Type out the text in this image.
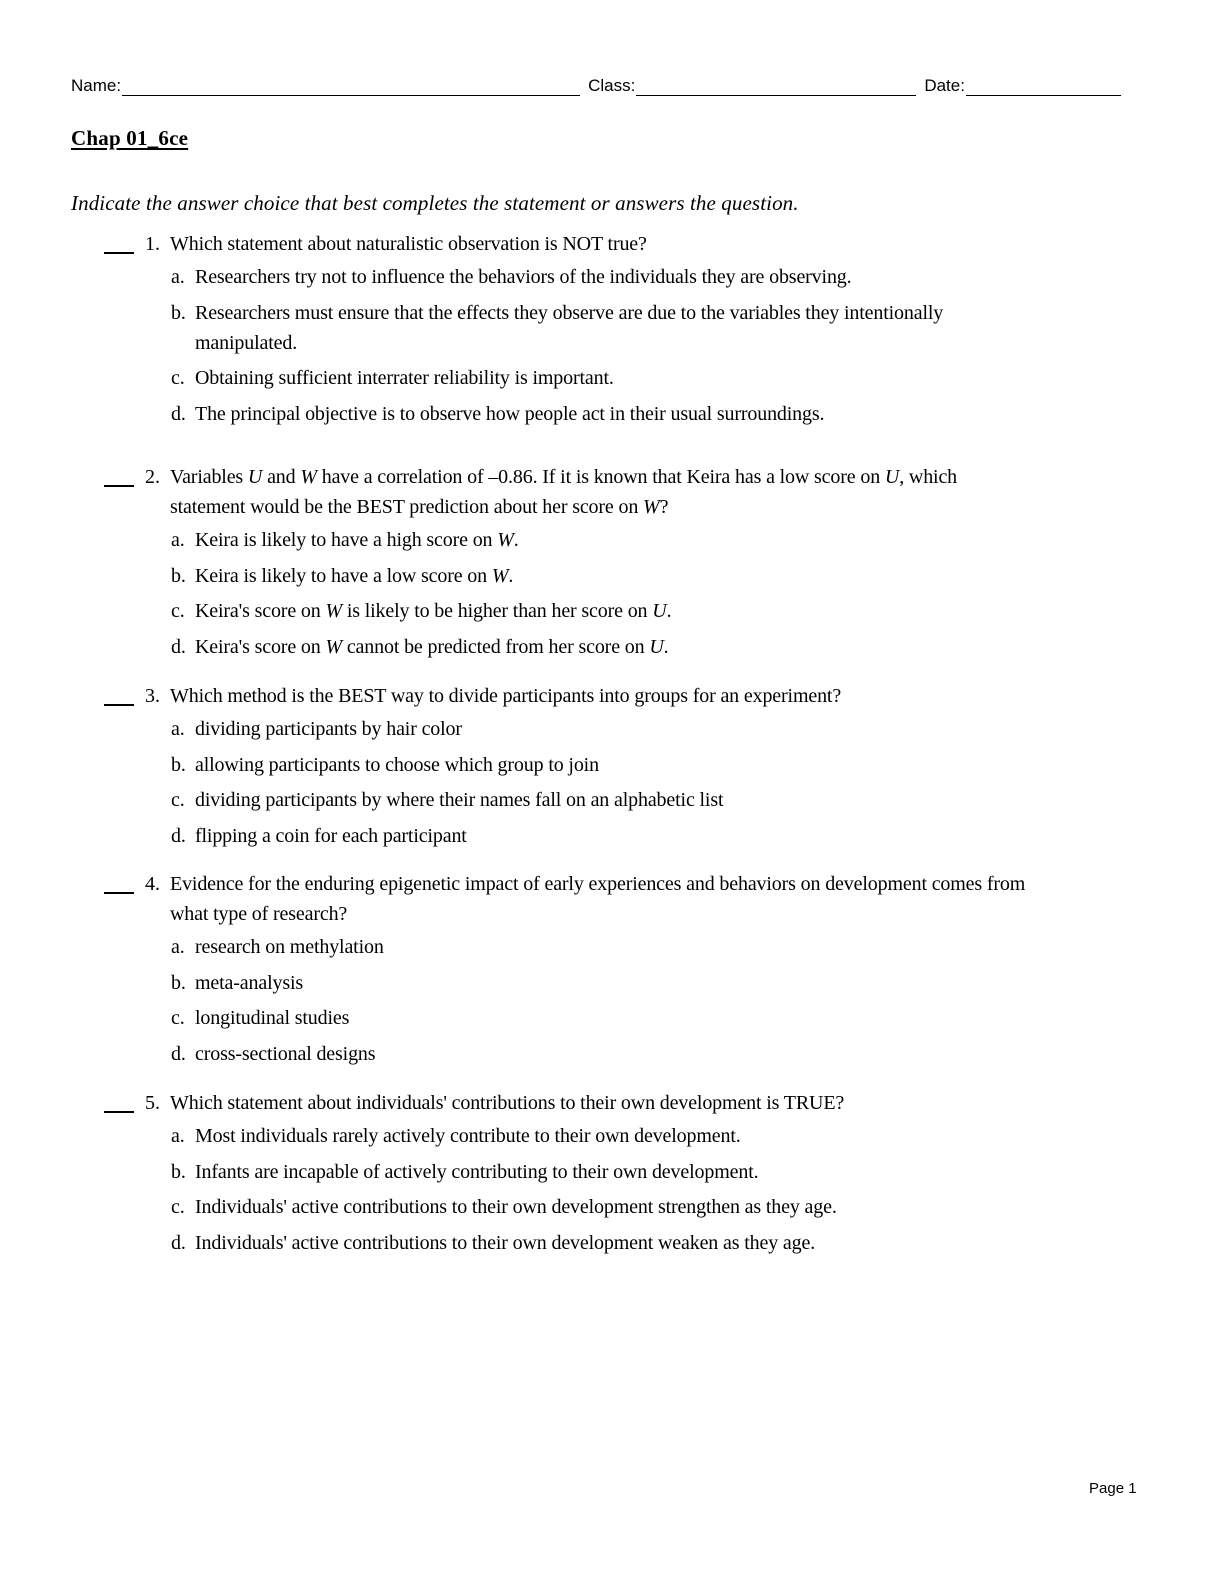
Name:	Class:	Date:
Chap 01_6ce
Indicate the answer choice that best completes the statement or answers the question.
1. Which statement about naturalistic observation is NOT true?
a. Researchers try not to influence the behaviors of the individuals they are observing.
b. Researchers must ensure that the effects they observe are due to the variables they intentionally
manipulated.
c. Obtaining sufficient interrater reliability is important.
d. The principal objective is to observe how people act in their usual surroundings.
2. Variables U and W have a correlation of –0.86. If it is known that Keira has a low score on U, which
statement would be the BEST prediction about her score on W?
a. Keira is likely to have a high score on W.
b. Keira is likely to have a low score on W.
c. Keira's score on W is likely to be higher than her score on U.
d. Keira's score on W cannot be predicted from her score on U.
3. Which method is the BEST way to divide participants into groups for an experiment?
a. dividing participants by hair color
b. allowing participants to choose which group to join
c. dividing participants by where their names fall on an alphabetic list
d. flipping a coin for each participant
4. Evidence for the enduring epigenetic impact of early experiences and behaviors on development comes from
what type of research?
a. research on methylation
b. meta-analysis
c. longitudinal studies
d. cross-sectional designs
5. Which statement about individuals' contributions to their own development is TRUE?
a. Most individuals rarely actively contribute to their own development.
b. Infants are incapable of actively contributing to their own development.
c. Individuals' active contributions to their own development strengthen as they age.
d. Individuals' active contributions to their own development weaken as they age.
Page 1
